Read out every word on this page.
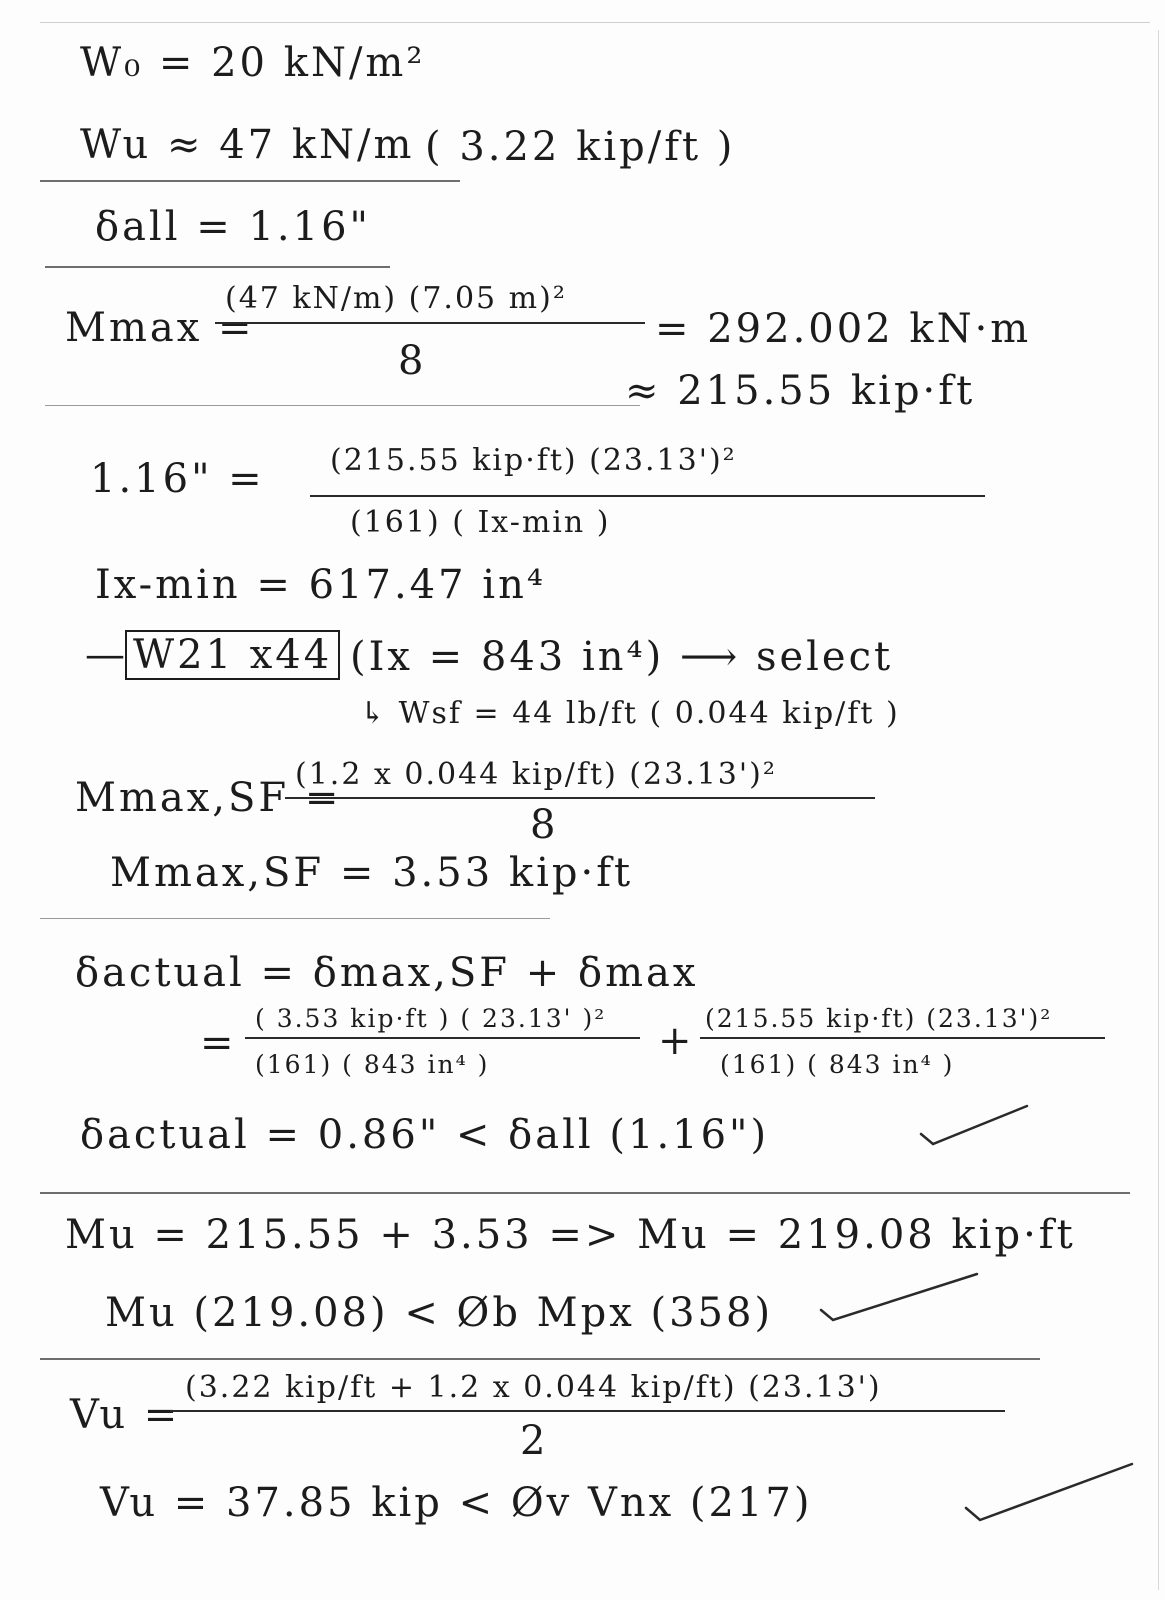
W₀ = 20 kN/m²
Wu ≈ 47 kN/m ( 3.22 kip/ft )
δall = 1.16"
Mmax =
(47 kN/m) (7.05 m)²
8
= 292.002 kN·m
≈ 215.55 kip·ft
1.16" = (215.55 kip·ft) (23.13')²
(161) ( Ix-min )
Ix-min = 617.47 in⁴
— W21 x44 (Ix = 843 in⁴) ⟶ select
↳ Wsf = 44 lb/ft ( 0.044 kip/ft )
Mmax,SF =
(1.2 x 0.044 kip/ft) (23.13')²
8
Mmax,SF = 3.53 kip·ft
δactual = δmax,SF + δmax
=
( 3.53 kip·ft ) ( 23.13' )²
(161) ( 843 in⁴ )
+ (215.55 kip·ft) (23.13')²
(161) ( 843 in⁴ )
δactual = 0.86" < δall (1.16")
Mu = 215.55 + 3.53 => Mu = 219.08 kip·ft
Mu (219.08) < Øb Mpx (358)
Vu =
(3.22 kip/ft + 1.2 x 0.044 kip/ft) (23.13')
2
Vu = 37.85 kip < Øv Vnx (217)
